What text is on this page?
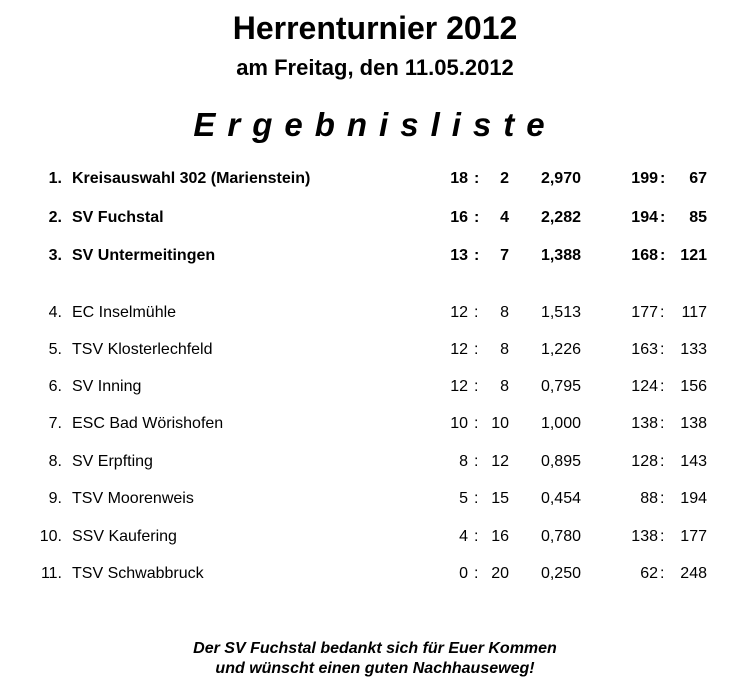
Herrenturnier 2012
am Freitag, den 11.05.2012
Ergebnisliste
1. Kreisauswahl 302 (Marienstein)	18 : 2 2,970	199 : 67
2. SV Fuchstal	16 : 4 2,282	194 : 85
3. SV Untermeitingen	13 : 7 1,388	168 : 121
4. EC Inselmühle	12 : 8 1,513	177 : 117
5. TSV Klosterlechfeld	12 : 8 1,226	163 : 133
6. SV Inning	12 : 8 0,795	124 : 156
7. ESC Bad Wörishofen	10 : 10 1,000	138 : 138
8. SV Erpfting	8 : 12 0,895	128 : 143
9. TSV Moorenweis	5 : 15 0,454	88 : 194
10. SSV Kaufering	4 : 16 0,780	138 : 177
11. TSV Schwabbruck	0 : 20 0,250	62 : 248
Der SV Fuchstal bedankt sich für Euer Kommen
und wünscht einen guten Nachhauseweg!
